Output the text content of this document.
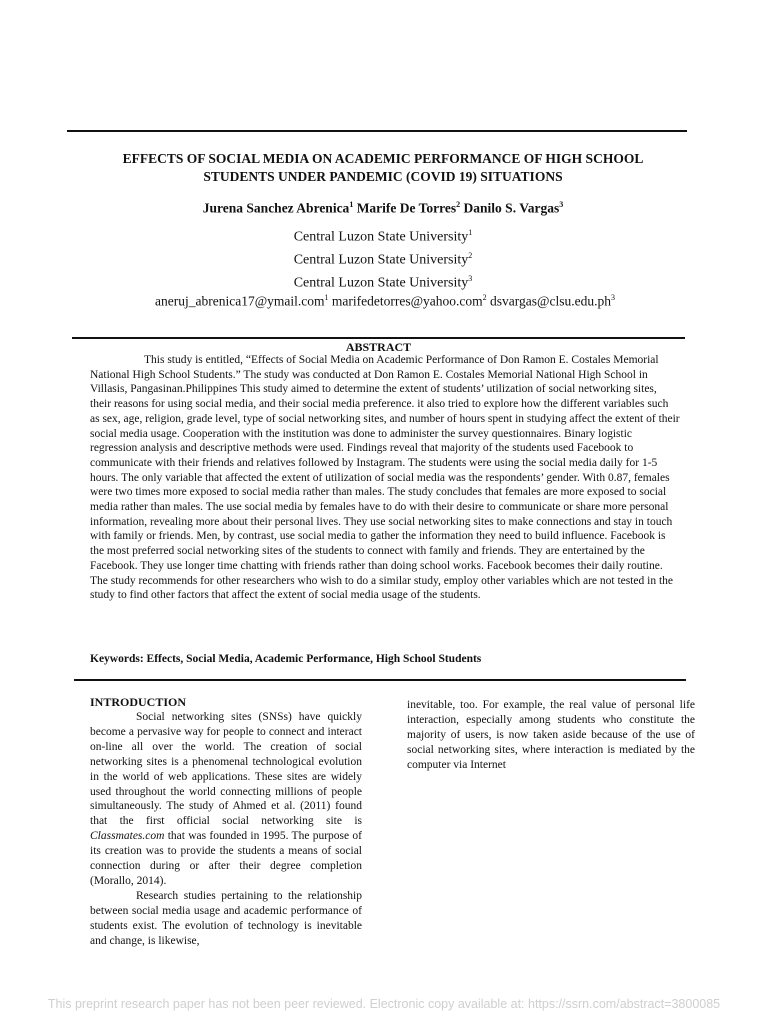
EFFECTS OF SOCIAL MEDIA ON ACADEMIC PERFORMANCE OF HIGH SCHOOL STUDENTS UNDER PANDEMIC (COVID 19) SITUATIONS
Jurena Sanchez Abrenica$^1$ Marife De Torres$^2$ Danilo S. Vargas$^3$
Central Luzon State University$^1$
Central Luzon State University$^2$
Central Luzon State University$^3$
aneruj_abrenica17@ymail.com$^1$ marifedetorres@yahoo.com$^2$ $dsvargas@clsu.edu.ph^3$
ABSTRACT
This study is entitled, “Effects of Social Media on Academic Performance of Don Ramon E. Costales Memorial National High School Students.” The study was conducted at Don Ramon E. Costales Memorial National High School in Villasis, Pangasinan.Philippines This study aimed to determine the extent of students’ utilization of social networking sites, their reasons for using social media, and their social media preference. it also tried to explore how the different variables such as sex, age, religion, grade level, type of social networking sites, and number of hours spent in studying affect the extent of their social media usage. Cooperation with the institution was done to administer the survey questionnaires. Binary logistic regression analysis and descriptive methods were used. Findings reveal that majority of the students used Facebook to communicate with their friends and relatives followed by Instagram. The students were using the social media daily for 1-5 hours. The only variable that affected the extent of utilization of social media was the respondents’ gender. With 0.87, females were two times more exposed to social media rather than males. The study concludes that females are more exposed to social media rather than males. The use social media by females have to do with their desire to communicate or share more personal information, revealing more about their personal lives. They use social networking sites to make connections and stay in touch with family or friends. Men, by contrast, use social media to gather the information they need to build influence. Facebook is the most preferred social networking sites of the students to connect with family and friends. They are entertained by the Facebook. They use longer time chatting with friends rather than doing school works. Facebook becomes their daily routine. The study recommends for other researchers who wish to do a similar study, employ other variables which are not tested in the study to find other factors that affect the extent of social media usage of the students.
Keywords: Effects, Social Media, Academic Performance, High School Students
INTRODUCTION

Social networking sites (SNSs) have quickly become a pervasive way for people to connect and interact on-line all over the world. The creation of social networking sites is a phenomenal technological evolution in the world of web applications. These sites are widely used throughout the world connecting millions of people simultaneously. The study of Ahmed et al. (2011) found that the first official social networking site is Classmates.com that was founded in 1995. The purpose of its creation was to provide the students a means of social connection during or after their degree completion (Morallo, 2014).

Research studies pertaining to the relationship between social media usage and academic performance of students exist. The evolution of technology is inevitable and change, is likewise,

inevitable, too. For example, the real value of personal life interaction, especially among students who constitute the majority of users, is now taken aside because of the use of social networking sites, where interaction is mediated by the computer via Internet

This preprint research paper has not been peer reviewed. Electronic copy available at: https://ssrn.com/abstract=3800085
